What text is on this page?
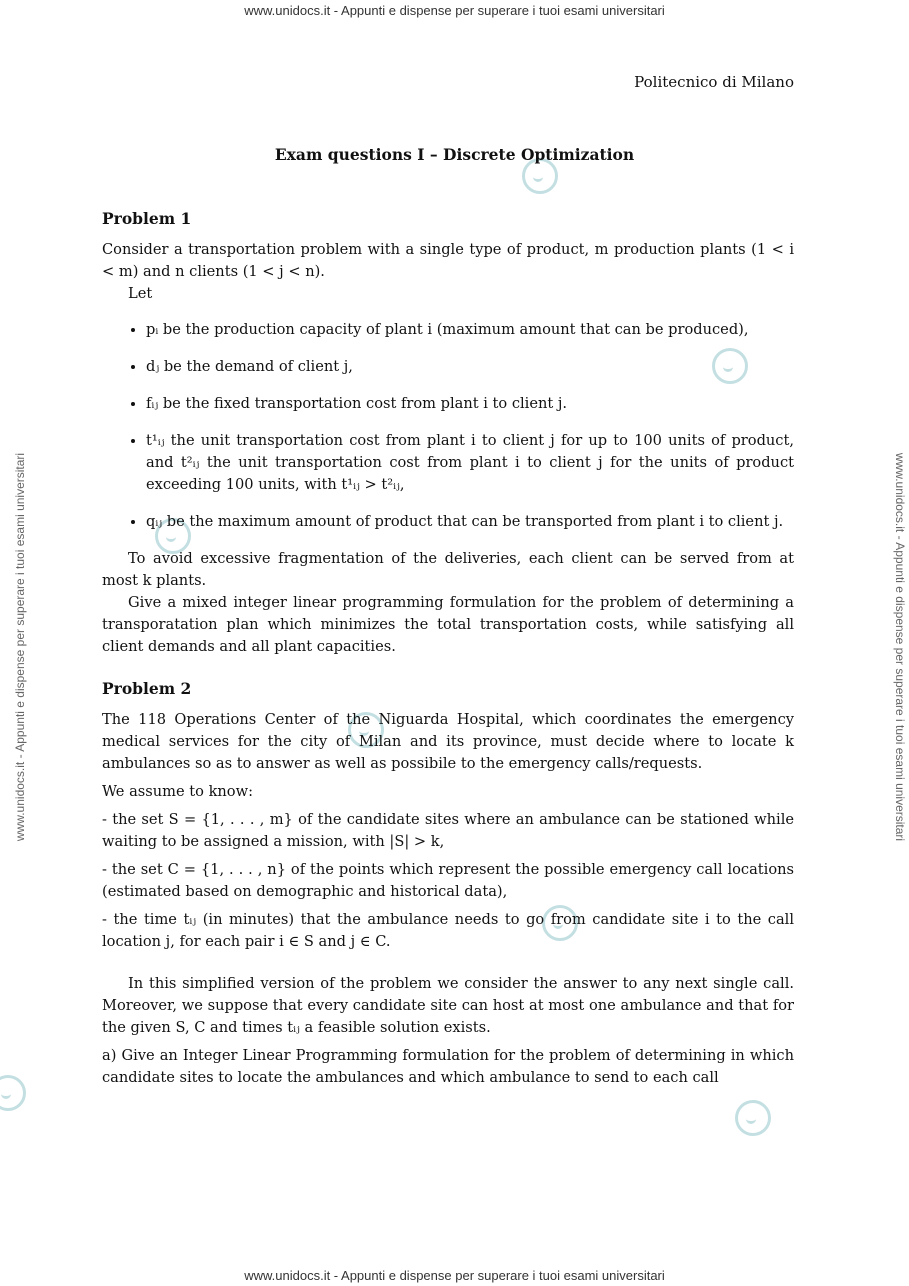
www.unidocs.it - Appunti e dispense per superare i tuoi esami universitari
www.unidocs.it - Appunti e dispense per superare i tuoi esami universitari	www.unidocs.it - Appunti e dispense per superare i tuoi esami universitari
www.unidocs.it - Appunti e dispense per superare i tuoi esami universitari
Politecnico di Milano
Exam questions I – Discrete Optimization
Problem 1

Consider a transportation problem with a single type of product, m production plants (1 < i < m) and n clients (1 < j < n).

Let

• pᵢ be the production capacity of plant i (maximum amount that can be produced),
• dⱼ be the demand of client j,
• fᵢⱼ be the fixed transportation cost from plant i to client j.
• t¹ᵢⱼ the unit transportation cost from plant i to client j for up to 100 units of product, and t²ᵢⱼ the unit transportation cost from plant i to client j for the units of product exceeding 100 units, with t¹ᵢⱼ > t²ᵢⱼ,
• qᵢⱼ be the maximum amount of product that can be transported from plant i to client j.

To avoid excessive fragmentation of the deliveries, each client can be served from at most k plants.

Give a mixed integer linear programming formulation for the problem of determining a transporatation plan which minimizes the total transportation costs, while satisfying all client demands and all plant capacities.

Problem 2

The 118 Operations Center of the Niguarda Hospital, which coordinates the emergency medical services for the city of Milan and its province, must decide where to locate k ambulances so as to answer as well as possibile to the emergency calls/requests.

We assume to know:

- the set S = {1, . . . , m} of the candidate sites where an ambulance can be stationed while waiting to be assigned a mission, with |S| > k,

- the set C = {1, . . . , n} of the points which represent the possible emergency call locations (estimated based on demographic and historical data),

- the time tᵢⱼ (in minutes) that the ambulance needs to go from candidate site i to the call location j, for each pair i ∈ S and j ∈ C.

In this simplified version of the problem we consider the answer to any next single call. Moreover, we suppose that every candidate site can host at most one ambulance and that for the given S, C and times tᵢⱼ a feasible solution exists.

a) Give an Integer Linear Programming formulation for the problem of determining in which candidate sites to locate the ambulances and which ambulance to send to each call
